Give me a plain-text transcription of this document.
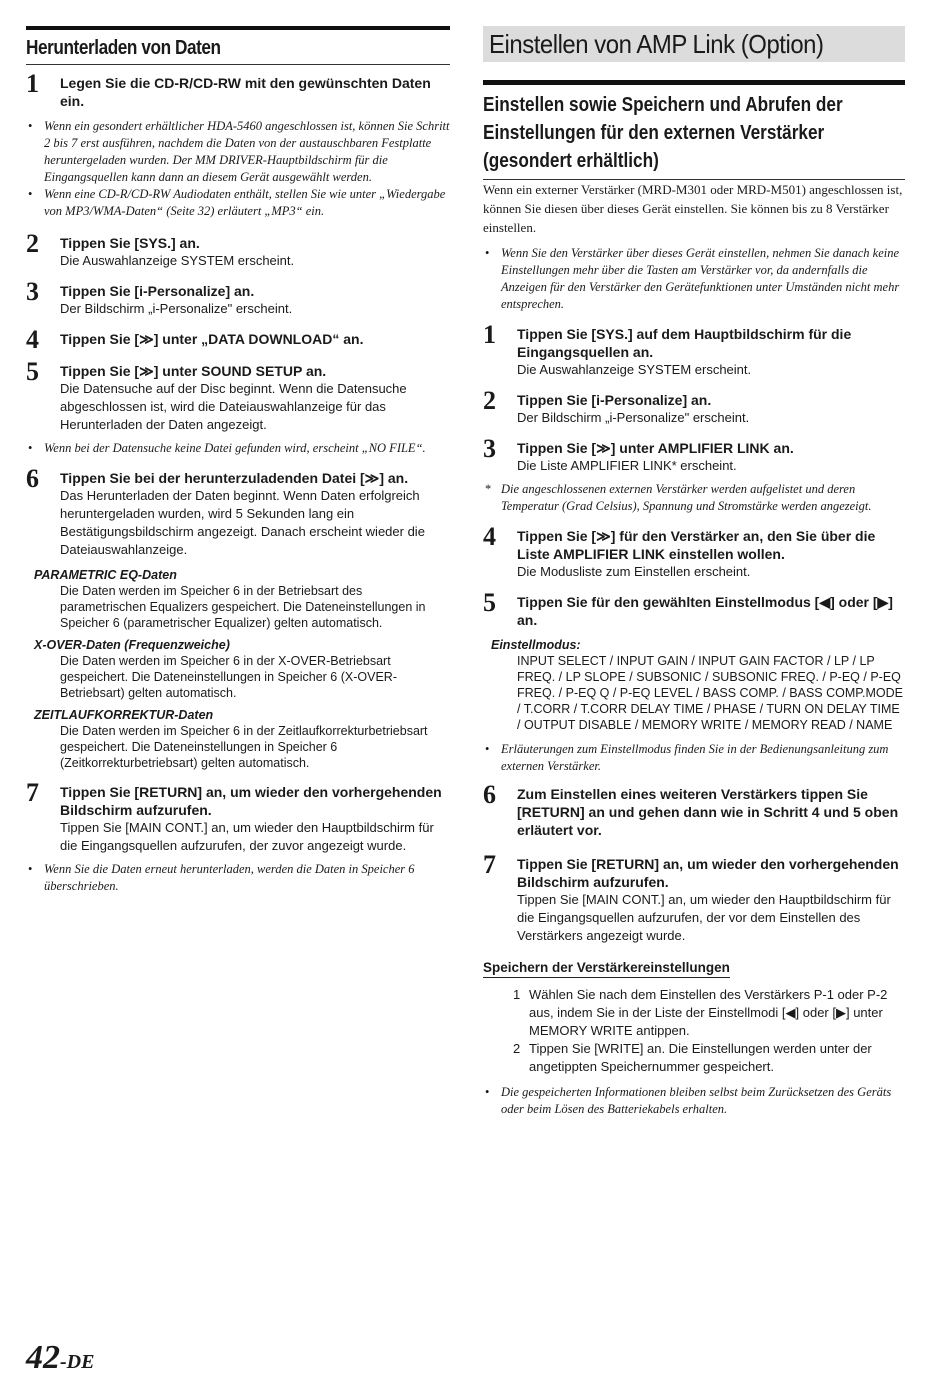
Herunterladen von Daten
1 Legen Sie die CD-R/CD-RW mit den gewünschten Daten ein.
• Wenn ein gesondert erhältlicher HDA-5460 angeschlossen ist, können Sie Schritt 2 bis 7 erst ausführen, nachdem die Daten von der austauschbaren Festplatte heruntergeladen wurden. Der MM DRIVER-Hauptbildschirm für die Eingangsquellen kann dann an diesem Gerät ausgewählt werden.
• Wenn eine CD-R/CD-RW Audiodaten enthält, stellen Sie wie unter „Wiedergabe von MP3/WMA-Daten“ (Seite 32) erläutert „MP3“ ein.
2 Tippen Sie [SYS.] an.
Die Auswahlanzeige SYSTEM erscheint.
3 Tippen Sie [i-Personalize] an.
Der Bildschirm „i-Personalize" erscheint.
4 Tippen Sie [≫] unter „DATA DOWNLOAD“ an.
5 Tippen Sie [≫] unter SOUND SETUP an.
Die Datensuche auf der Disc beginnt. Wenn die Datensuche abgeschlossen ist, wird die Dateiauswahlanzeige für das Herunterladen der Daten angezeigt.
• Wenn bei der Datensuche keine Datei gefunden wird, erscheint „NO FILE“.
6 Tippen Sie bei der herunterzuladenden Datei [≫] an.
Das Herunterladen der Daten beginnt. Wenn Daten erfolgreich heruntergeladen wurden, wird 5 Sekunden lang ein Bestätigungsbildschirm angezeigt. Danach erscheint wieder die Dateiauswahlanzeige.
PARAMETRIC EQ-Daten
Die Daten werden im Speicher 6 in der Betriebsart des parametrischen Equalizers gespeichert. Die Dateneinstellungen in Speicher 6 (parametrischer Equalizer) gelten automatisch.
X-OVER-Daten (Frequenzweiche)
Die Daten werden im Speicher 6 in der X-OVER-Betriebsart gespeichert. Die Dateneinstellungen in Speicher 6 (X-OVER-Betriebsart) gelten automatisch.
ZEITLAUFKORREKTUR-Daten
Die Daten werden im Speicher 6 in der Zeitlaufkorrekturbetriebsart gespeichert. Die Dateneinstellungen in Speicher 6 (Zeitkorrekturbetriebsart) gelten automatisch.
7 Tippen Sie [RETURN] an, um wieder den vorhergehenden Bildschirm aufzurufen.
Tippen Sie [MAIN CONT.] an, um wieder den Hauptbildschirm für die Eingangsquellen aufzurufen, der zuvor angezeigt wurde.
• Wenn Sie die Daten erneut herunterladen, werden die Daten in Speicher 6 überschrieben.
Einstellen von AMP Link (Option)
Einstellen sowie Speichern und Abrufen der Einstellungen für den externen Verstärker (gesondert erhältlich)
Wenn ein externer Verstärker (MRD-M301 oder MRD-M501) angeschlossen ist, können Sie diesen über dieses Gerät einstellen. Sie können bis zu 8 Verstärker einstellen.
• Wenn Sie den Verstärker über dieses Gerät einstellen, nehmen Sie danach keine Einstellungen mehr über die Tasten am Verstärker vor, da andernfalls die Anzeigen für den Verstärker den Gerätefunktionen unter Umständen nicht mehr entsprechen.
1 Tippen Sie [SYS.] auf dem Hauptbildschirm für die Eingangsquellen an.
Die Auswahlanzeige SYSTEM erscheint.
2 Tippen Sie [i-Personalize] an.
Der Bildschirm „i-Personalize" erscheint.
3 Tippen Sie [≫] unter AMPLIFIER LINK an.
Die Liste AMPLIFIER LINK* erscheint.
* Die angeschlossenen externen Verstärker werden aufgelistet und deren Temperatur (Grad Celsius), Spannung und Stromstärke werden angezeigt.
4 Tippen Sie [≫] für den Verstärker an, den Sie über die Liste AMPLIFIER LINK einstellen wollen.
Die Modusliste zum Einstellen erscheint.
5 Tippen Sie für den gewählten Einstellmodus [◀] oder [▶] an.
Einstellmodus:
INPUT SELECT / INPUT GAIN / INPUT GAIN FACTOR / LP / LP FREQ. / LP SLOPE / SUBSONIC / SUBSONIC FREQ. / P-EQ / P-EQ FREQ. / P-EQ Q / P-EQ LEVEL / BASS COMP. / BASS COMP.MODE / T.CORR / T.CORR DELAY TIME / PHASE / TURN ON DELAY TIME / OUTPUT DISABLE / MEMORY WRITE / MEMORY READ / NAME
• Erläuterungen zum Einstellmodus finden Sie in der Bedienungsanleitung zum externen Verstärker.
6 Zum Einstellen eines weiteren Verstärkers tippen Sie [RETURN] an und gehen dann wie in Schritt 4 und 5 oben erläutert vor.
7 Tippen Sie [RETURN] an, um wieder den vorhergehenden Bildschirm aufzurufen.
Tippen Sie [MAIN CONT.] an, um wieder den Hauptbildschirm für die Eingangsquellen aufzurufen, der vor dem Einstellen des Verstärkers angezeigt wurde.
Speichern der Verstärkereinstellungen
1 Wählen Sie nach dem Einstellen des Verstärkers P-1 oder P-2 aus, indem Sie in der Liste der Einstellmodi [◀] oder [▶] unter MEMORY WRITE antippen.
2 Tippen Sie [WRITE] an. Die Einstellungen werden unter der angetippten Speichernummer gespeichert.
• Die gespeicherten Informationen bleiben selbst beim Zurücksetzen des Geräts oder beim Lösen des Batteriekabels erhalten.
42-DE
